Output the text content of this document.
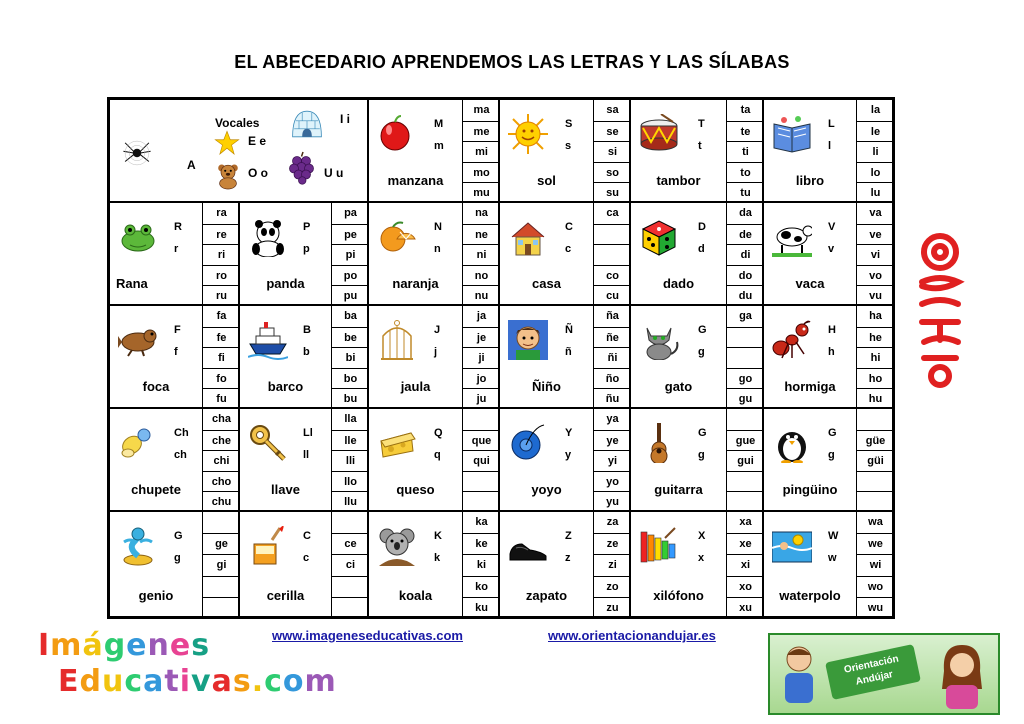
EL ABECEDARIO APRENDEMOS LAS LETRAS Y LAS SÍLABAS
Vocales
A
E e
I i
O o	U u
M
m
manzana
ma
me
mi
mo
mu
S
s
sol
sa
se
si
so
su
T
t
tambor
ta
te
ti
to
tu
L
l
libro
la
le
li
lo
lu
R
r
Rana
ra
re
ri
ro
ru
P
p
panda
pa
pe
pi
po
pu
N
n
naranja
na
ne
ni
no
nu
C
c
casa
ca
co
cu
D
d
dado
da
de
di
do
du
V
v
vaca
va
ve
vi
vo
vu
F
f
foca
fa
fe
fi
fo
fu
B
b
barco
ba
be
bi
bo
bu
J
j
jaula
ja
je
ji
jo
ju
Ñ
ñ
Ñiño
ña
ñe
ñi
ño
ñu
G
g
gato
ga
go
gu
H
h
hormiga
ha
he
hi
ho
hu
Ch
ch
chupete
cha
che
chi
cho
chu
Ll
ll
llave
lla
lle
lli
llo
llu
Q
q
queso
que
qui
Y
y
yoyo
ya
ye
yi
yo
yu
G
g
guitarra
gue
gui
G
g
pingüino
güe
güi
G
g
genio
ge
gi
C
c
cerilla
ce
ci
K
k
koala
ka
ke
ki
ko
ku
Z
z
zapato
za
ze
zi
zo
zu
X
x
xilófono
xa
xe
xi
xo
xu
W
w
waterpolo
wa
we
wi
wo
wu
Imágenes
Educativas.com
www.imageneseducativas.com	www.orientacionandujar.es
Orientación Andújar
